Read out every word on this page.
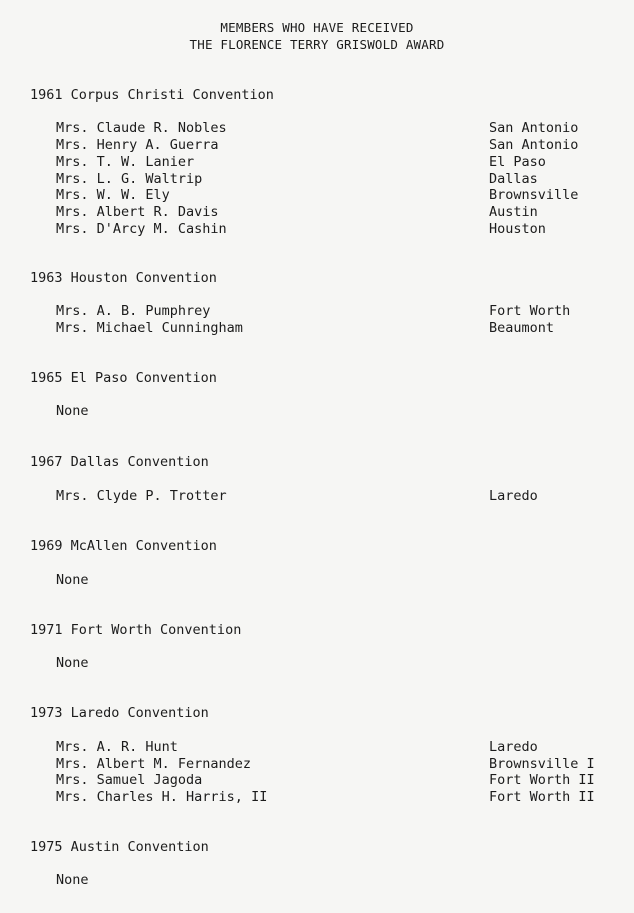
MEMBERS WHO HAVE RECEIVED
THE FLORENCE TERRY GRISWOLD AWARD
1961 Corpus Christi Convention
Mrs. Claude R. Nobles	San Antonio
Mrs. Henry A. Guerra	San Antonio
Mrs. T. W. Lanier	El Paso
Mrs. L. G. Waltrip	Dallas
Mrs. W. W. Ely	Brownsville
Mrs. Albert R. Davis	Austin
Mrs. D'Arcy M. Cashin	Houston
1963 Houston Convention
Mrs. A. B. Pumphrey	Fort Worth
Mrs. Michael Cunningham	Beaumont
1965 El Paso Convention
None
1967 Dallas Convention
Mrs. Clyde P. Trotter	Laredo
1969 McAllen Convention
None
1971 Fort Worth Convention
None
1973 Laredo Convention
Mrs. A. R. Hunt	Laredo
Mrs. Albert M. Fernandez	Brownsville I
Mrs. Samuel Jagoda	Fort Worth II
Mrs. Charles H. Harris, II	Fort Worth II
1975 Austin Convention
None
